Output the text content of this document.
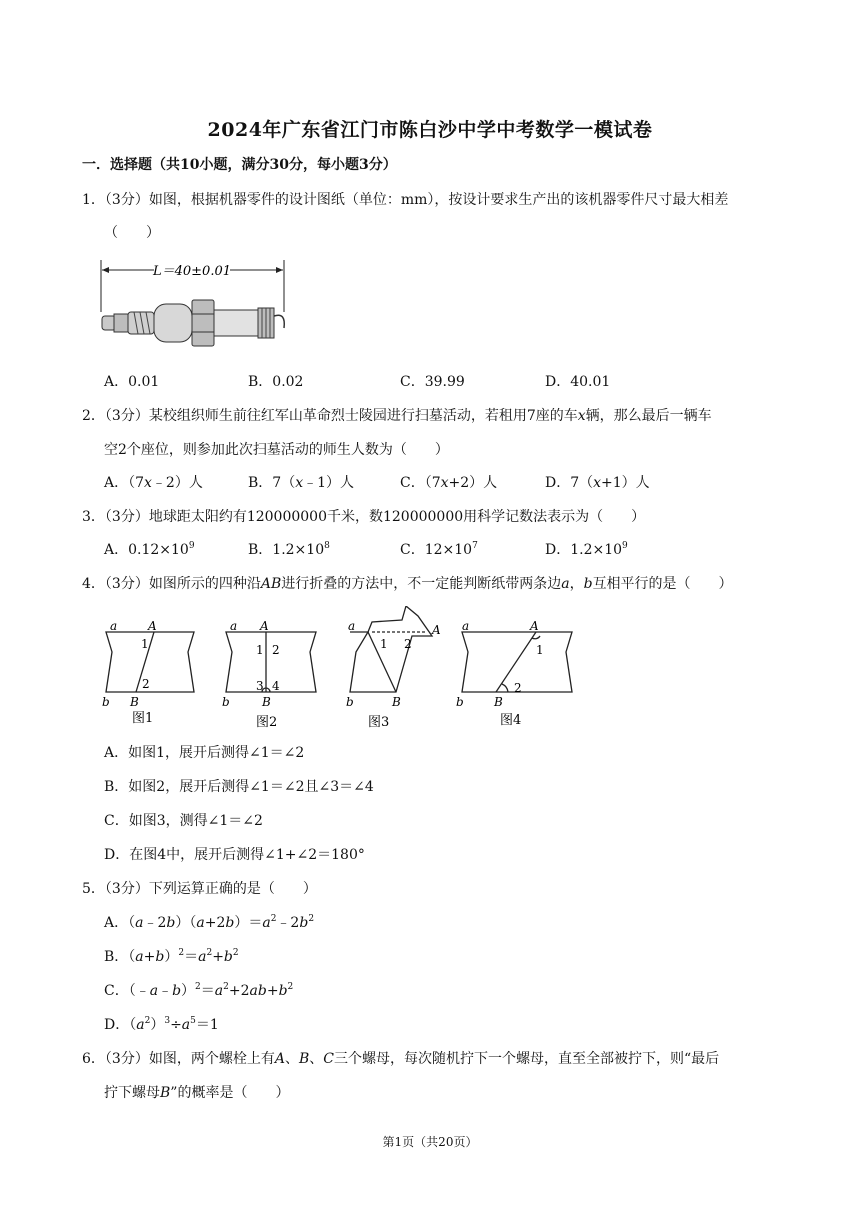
2024年广东省江门市陈白沙中学中考数学一模试卷
一．选择题（共10小题，满分30分，每小题3分）
1．（3分）如图，根据机器零件的设计图纸（单位：mm），按设计要求生产出的该机器零件尺寸最大相差
（　　）
L＝40±0.01
A．0.01	B．0.02	C．39.99	D．40.01
2．（3分）某校组织师生前往红军山革命烈士陵园进行扫墓活动，若租用7座的车x辆，那么最后一辆车
空2个座位，则参加此次扫墓活动的师生人数为（　　）
A．（7x﹣2）人	B．7（x﹣1）人	C．（7x+2）人	D．7（x+1）人
3．（3分）地球距太阳约有120000000千米，数120000000用科学记数法表示为（　　）
A．$0.12\times 10^9$	B．$1.2\times 10^8$	C．$12\times 10^7$	D．$1.2\times 10^9$
4．（3分）如图所示的四种沿AB进行折叠的方法中，不一定能判断纸带两条边a，b互相平行的是（　　）
a	A
b B
a A
b	B
a	A
b	B
a	A
b	B
1
2
1 2
3 4
1 2	1
2
图1	图2	图3	图4
A．如图1，展开后测得∠1＝∠2
B．如图2，展开后测得∠1＝∠2且∠3＝∠4
C．如图3，测得∠1＝∠2
D．在图4中，展开后测得∠1+∠2＝180°
5．（3分）下列运算正确的是（　　）
A．$(a﹣2b)(a+2b)=a^2﹣2b^2$
B．$(a+b)^2=a^2+b^2$
C．$(﹣a﹣b)^2=a^2+2ab+b^2$
D．$(a^2)^3\div a^5=1$
6．（3分）如图，两个螺栓上有A、B、C三个螺母，每次随机拧下一个螺母，直至全部被拧下，则“最后
拧下螺母B”的概率是（　　）
第1页（共20页）
